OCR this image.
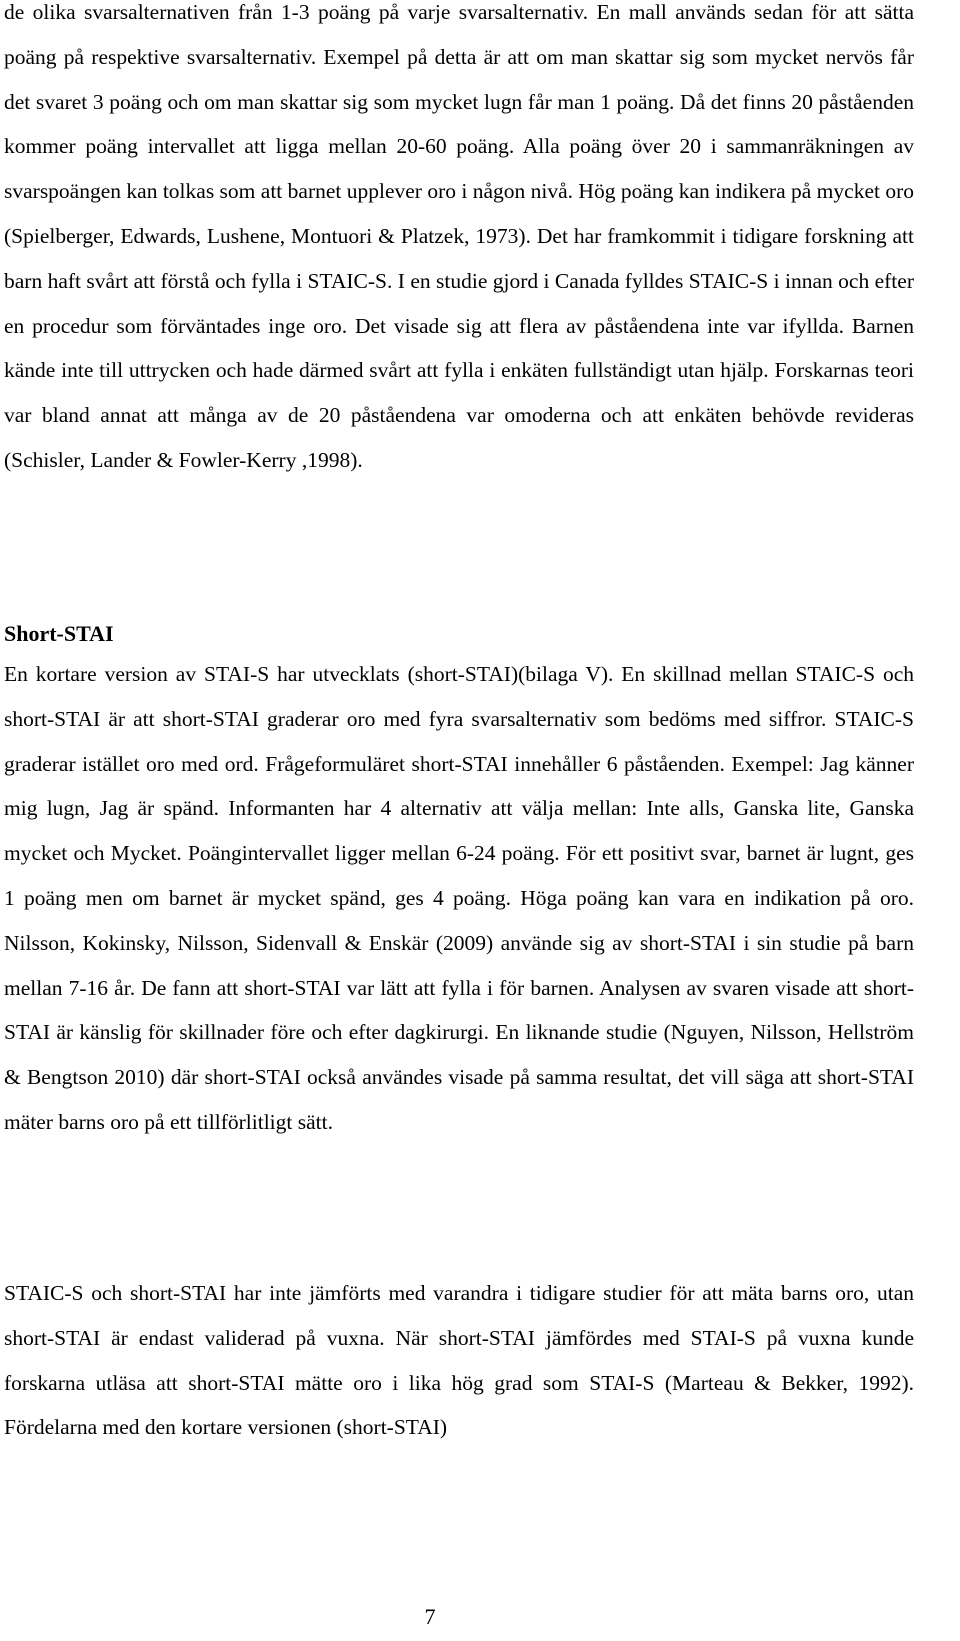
de olika svarsalternativen från 1-3 poäng på varje svarsalternativ. En mall används sedan för att sätta poäng på respektive svarsalternativ. Exempel på detta är att om man skattar sig som mycket nervös får det svaret 3 poäng och om man skattar sig som mycket lugn får man 1 poäng. Då det finns 20 påståenden kommer poäng intervallet att ligga mellan 20-60 poäng. Alla poäng över 20 i sammanräkningen av svarspoängen kan tolkas som att barnet upplever oro i någon nivå. Hög poäng kan indikera på mycket oro (Spielberger, Edwards, Lushene, Montuori & Platzek, 1973). Det har framkommit i tidigare forskning att barn haft svårt att förstå och fylla i STAIC-S. I en studie gjord i Canada fylldes STAIC-S i innan och efter en procedur som förväntades inge oro. Det visade sig att flera av påståendena inte var ifyllda. Barnen kände inte till uttrycken och hade därmed svårt att fylla i enkäten fullständigt utan hjälp. Forskarnas teori var bland annat att många av de 20 påståendena var omoderna och att enkäten behövde revideras (Schisler, Lander & Fowler-Kerry ,1998).

Short-STAI

En kortare version av STAI-S har utvecklats (short-STAI)(bilaga V). En skillnad mellan STAIC-S och short-STAI är att short-STAI graderar oro med fyra svarsalternativ som bedöms med siffror. STAIC-S graderar istället oro med ord. Frågeformuläret short-STAI innehåller 6 påståenden. Exempel: Jag känner mig lugn, Jag är spänd. Informanten har 4 alternativ att välja mellan: Inte alls, Ganska lite, Ganska mycket och Mycket. Poängintervallet ligger mellan 6-24 poäng. För ett positivt svar, barnet är lugnt, ges 1 poäng men om barnet är mycket spänd, ges 4 poäng. Höga poäng kan vara en indikation på oro. Nilsson, Kokinsky, Nilsson, Sidenvall & Enskär (2009) använde sig av short-STAI i sin studie på barn mellan 7-16 år. De fann att short-STAI var lätt att fylla i för barnen. Analysen av svaren visade att short-STAI är känslig för skillnader före och efter dagkirurgi. En liknande studie (Nguyen, Nilsson, Hellström & Bengtson 2010) där short-STAI också användes visade på samma resultat, det vill säga att short-STAI mäter barns oro på ett tillförlitligt sätt.

STAIC-S och short-STAI har inte jämförts med varandra i tidigare studier för att mäta barns oro, utan short-STAI är endast validerad på vuxna. När short-STAI jämfördes med STAI-S på vuxna kunde forskarna utläsa att short-STAI mätte oro i lika hög grad som STAI-S (Marteau & Bekker, 1992). Fördelarna med den kortare versionen (short-STAI)

7
